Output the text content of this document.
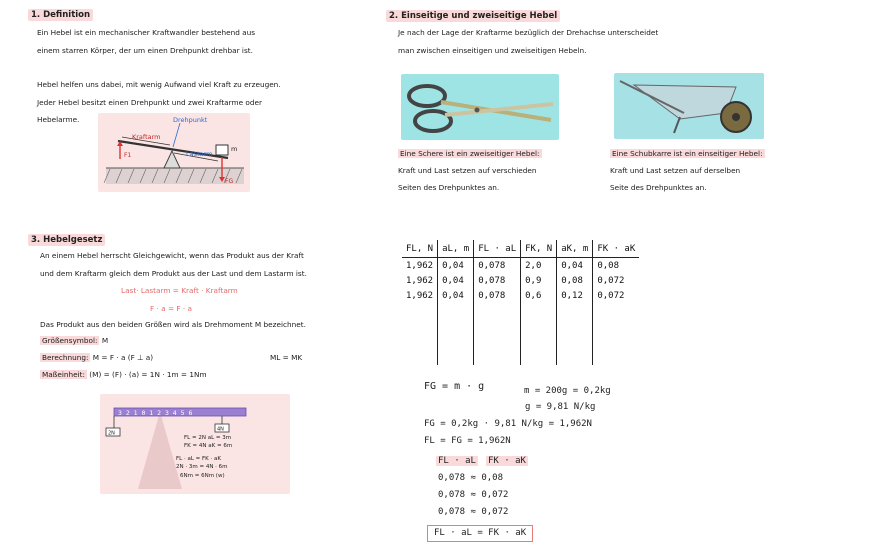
1. Definition
Ein Hebel ist ein mechanischer Kraftwandler bestehend aus
einem starren Körper, der um einen Drehpunkt drehbar ist.
Hebel helfen uns dabei, mit wenig Aufwand viel Kraft zu erzeugen.
Jeder Hebel besitzt einen Drehpunkt und zwei Kraftarme oder
Hebelarme.	Drehpunkt
Kraftarm
Lastarm
m
F1
FG
2. Einseitige und zweiseitige Hebel
Je nach der Lage der Kraftarme bezüglich der Drehachse unterscheidet
man zwischen einseitigen und zweiseitigen Hebeln.
Eine Schere ist ein zweiseitiger Hebel:
Kraft und Last setzen auf verschieden
Seiten des Drehpunktes an.
Eine Schubkarre ist ein einseitiger Hebel:
Kraft und Last setzen auf derselben
Seite des Drehpunktes an.
3. Hebelgesetz
An einem Hebel herrscht Gleichgewicht, wenn das Produkt aus der Kraft
und dem Kraftarm gleich dem Produkt aus der Last und dem Lastarm ist.
Last· Lastarm = Kraft · Kraftarm
F · a = F · a
Das Produkt aus den beiden Größen wird als Drehmoment M bezeichnet.
Größensymbol: M
Berechnung: M = F · a (F ⊥ a)	ML = MK
Maßeinheit: (M) = (F) · (a) = 1N · 1m = 1Nm
3 2 1 0 1 2 3 4 5 6
2N
4N
FL = 2N aL = 3m
FK = 4N aK = 6m
FL · aL = FK · aK
2N · 3m = 4N · 6m
6Nm = 6Nm (w)
FL, N	aL, m	FL · aL	FK, N	aK, m	FK · aK
1,962	0,04	0,078	2,0	0,04	0,08
1,962	0,04	0,078	0,9	0,08	0,072
1,962	0,04	0,078	0,6	0,12	0,072

FG = m · g	m = 200g = 0,2kg
g = 9,81 N/kg
FG = 0,2kg · 9,81 N/kg = 1,962N
FL = FG = 1,962N
FL · aL FK · aK
0,078 ≈ 0,08
0,078 ≈ 0,072
0,078 ≈ 0,072
FL · aL = FK · aK
